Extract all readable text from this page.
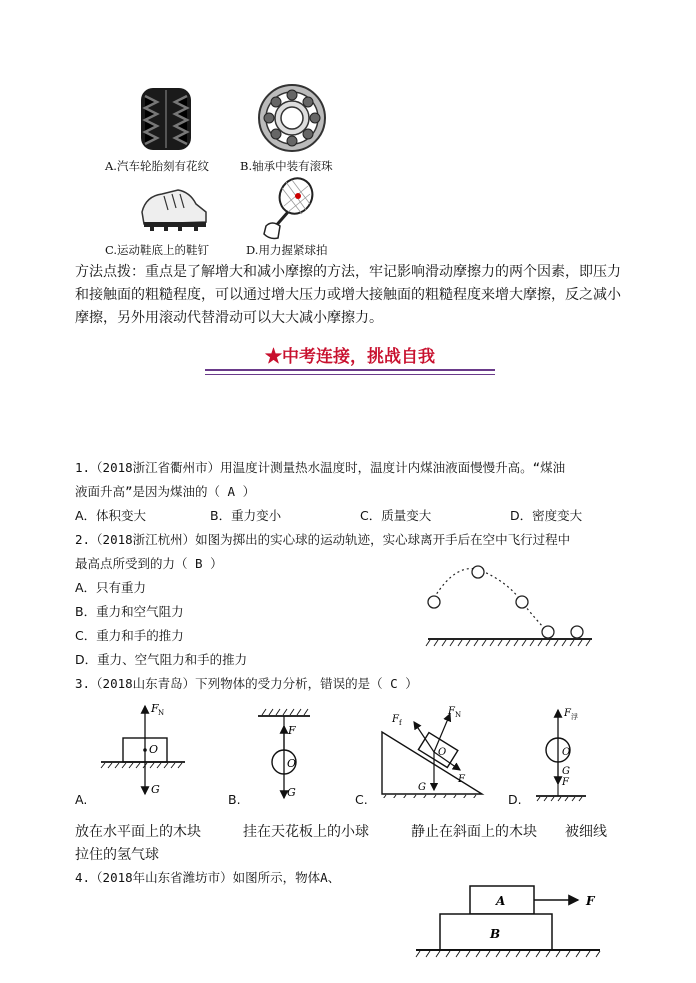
A.汽车轮胎刻有花纹	B.轴承中装有滚珠
C.运动鞋底上的鞋钉	D.用力握紧球拍
方法点拨：重点是了解增大和减小摩擦的方法，牢记影响滑动摩擦力的两个因素，即压力
和接触面的粗糙程度，可以通过增大压力或增大接触面的粗糙程度来增大摩擦，反之减小
摩擦，另外用滚动代替滑动可以大大减小摩擦力。
★中考连接，挑战自我
1.（2018浙江省衢州市）用温度计测量热水温度时，温度计内煤油液面慢慢升高。“煤油
液面升高”是因为煤油的（ A ）
A．体积变大	B．重力变小	C．质量变大	D．密度变大
2.（2018浙江杭州）如图为掷出的实心球的运动轨迹，实心球离开手后在空中飞行过程中
最高点所受到的力（ B ）
A．只有重力
B．重力和空气阻力
C．重力和手的推力
D．重力、空气阻力和手的推力
3.（2018山东青岛）下列物体的受力分析，错误的是（ C ）
F N
O
G
A.
F
O
G
B.
F f
F N
O
F
G
C.
F 浮
O
G
F
D.
放在水平面上的木块　　　挂在天花板上的小球　　　静止在斜面上的木块　　被细线
拉住的氢气球
4.（2018年山东省潍坊市）如图所示，物体A、
A
B
F
